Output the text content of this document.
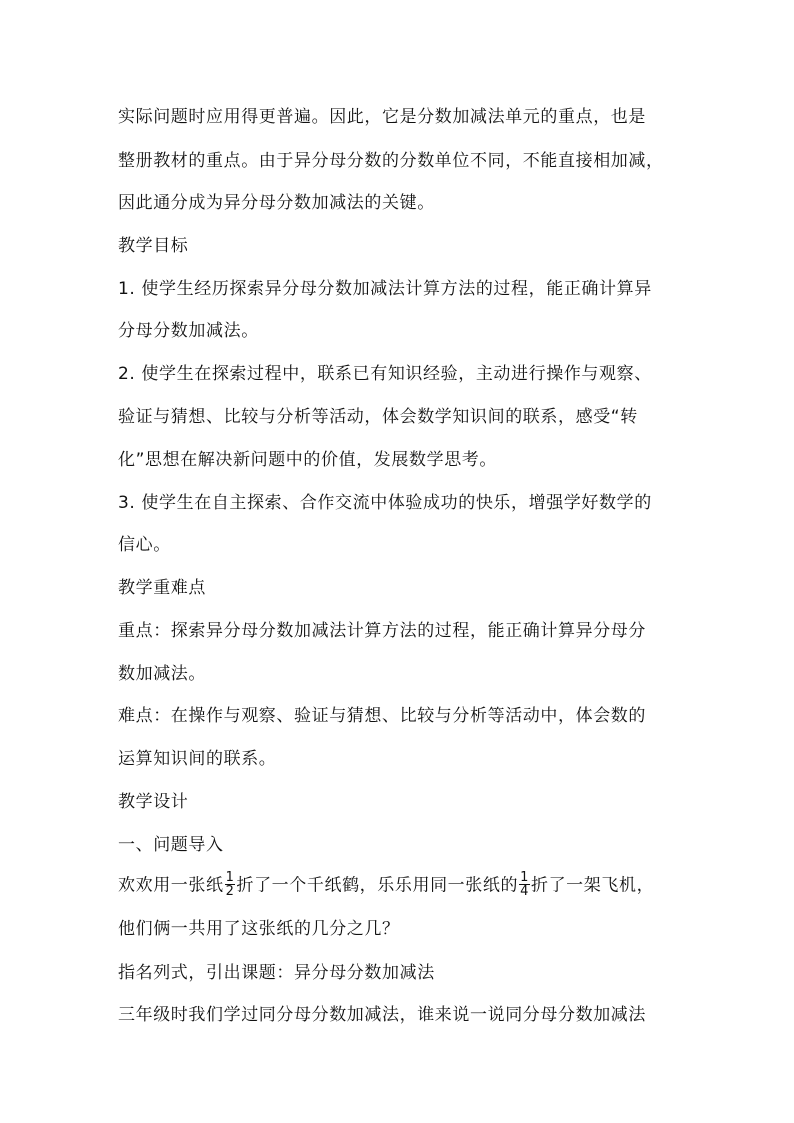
实际问题时应用得更普遍。因此，它是分数加减法单元的重点，也是
整册教材的重点。由于异分母分数的分数单位不同，不能直接相加减，
因此通分成为异分母分数加减法的关键。
教学目标
1. 使学生经历探索异分母分数加减法计算方法的过程，能正确计算异
分母分数加减法。
2. 使学生在探索过程中，联系已有知识经验，主动进行操作与观察、
验证与猜想、比较与分析等活动，体会数学知识间的联系，感受“转
化”思想在解决新问题中的价值，发展数学思考。
3. 使学生在自主探索、合作交流中体验成功的快乐，增强学好数学的
信心。
教学重难点
重点：探索异分母分数加减法计算方法的过程，能正确计算异分母分
数加减法。
难点：在操作与观察、验证与猜想、比较与分析等活动中，体会数的
运算知识间的联系。
教学设计
一、问题导入
欢欢用一张纸 $\frac{1}{2}$ 折了一个千纸鹤，乐乐用同一张纸的 $\frac{1}{4}$ 折了一架飞机，
他们俩一共用了这张纸的几分之几？
指名列式，引出课题：异分母分数加减法
三年级时我们学过同分母分数加减法，谁来说一说同分母分数加减法
